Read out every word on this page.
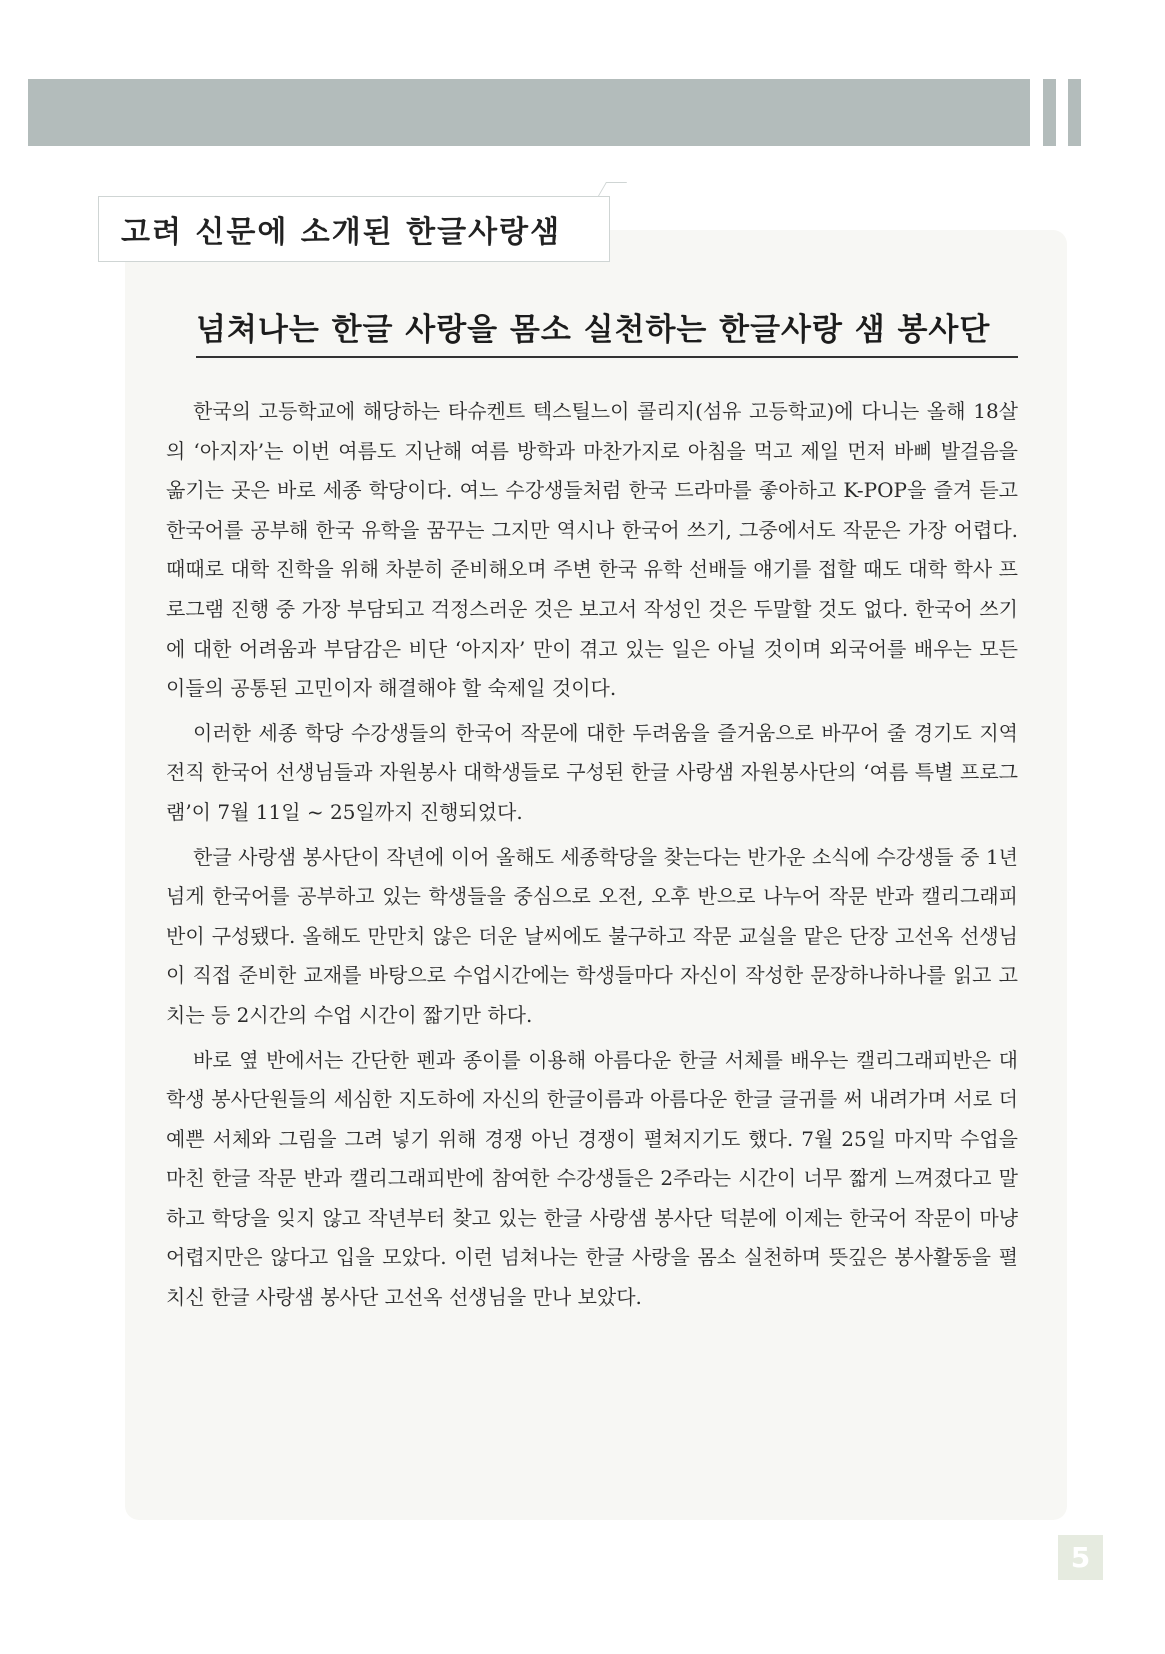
고려 신문에 소개된 한글사랑샘
넘쳐나는 한글 사랑을 몸소 실천하는 한글사랑 샘 봉사단

한국의 고등학교에 해당하는 타슈켄트 텍스틸느이 콜리지(섬유 고등학교)에 다니는 올해 18살의 ‘아지자’는 이번 여름도 지난해 여름 방학과 마찬가지로 아침을 먹고 제일 먼저 바삐 발걸음을 옮기는 곳은 바로 세종 학당이다. 여느 수강생들처럼 한국 드라마를 좋아하고 K-POP을 즐겨 듣고 한국어를 공부해 한국 유학을 꿈꾸는 그지만 역시나 한국어 쓰기, 그중에서도 작문은 가장 어렵다. 때때로 대학 진학을 위해 차분히 준비해오며 주변 한국 유학 선배들 얘기를 접할 때도 대학 학사 프로그램 진행 중 가장 부담되고 걱정스러운 것은 보고서 작성인 것은 두말할 것도 없다. 한국어 쓰기에 대한 어려움과 부담감은 비단 ‘아지자’ 만이 겪고 있는 일은 아닐 것이며 외국어를 배우는 모든 이들의 공통된 고민이자 해결해야 할 숙제일 것이다.

이러한 세종 학당 수강생들의 한국어 작문에 대한 두려움을 즐거움으로 바꾸어 줄 경기도 지역 전직 한국어 선생님들과 자원봉사 대학생들로 구성된 한글 사랑샘 자원봉사단의 ‘여름 특별 프로그램’이 7월 11일 ~ 25일까지 진행되었다.

한글 사랑샘 봉사단이 작년에 이어 올해도 세종학당을 찾는다는 반가운 소식에 수강생들 중 1년 넘게 한국어를 공부하고 있는 학생들을 중심으로 오전, 오후 반으로 나누어 작문 반과 캘리그래피 반이 구성됐다. 올해도 만만치 않은 더운 날씨에도 불구하고 작문 교실을 맡은 단장 고선옥 선생님이 직접 준비한 교재를 바탕으로 수업시간에는 학생들마다 자신이 작성한 문장하나하나를 읽고 고치는 등 2시간의 수업 시간이 짧기만 하다.

바로 옆 반에서는 간단한 펜과 종이를 이용해 아름다운 한글 서체를 배우는 캘리그래피반은 대학생 봉사단원들의 세심한 지도하에 자신의 한글이름과 아름다운 한글 글귀를 써 내려가며 서로 더 예쁜 서체와 그림을 그려 넣기 위해 경쟁 아닌 경쟁이 펼쳐지기도 했다. 7월 25일 마지막 수업을 마친 한글 작문 반과 캘리그래피반에 참여한 수강생들은 2주라는 시간이 너무 짧게 느껴졌다고 말하고 학당을 잊지 않고 작년부터 찾고 있는 한글 사랑샘 봉사단 덕분에 이제는 한국어 작문이 마냥 어렵지만은 않다고 입을 모았다. 이런 넘쳐나는 한글 사랑을 몸소 실천하며 뜻깊은 봉사활동을 펼치신 한글 사랑샘 봉사단 고선옥 선생님을 만나 보았다.

5
